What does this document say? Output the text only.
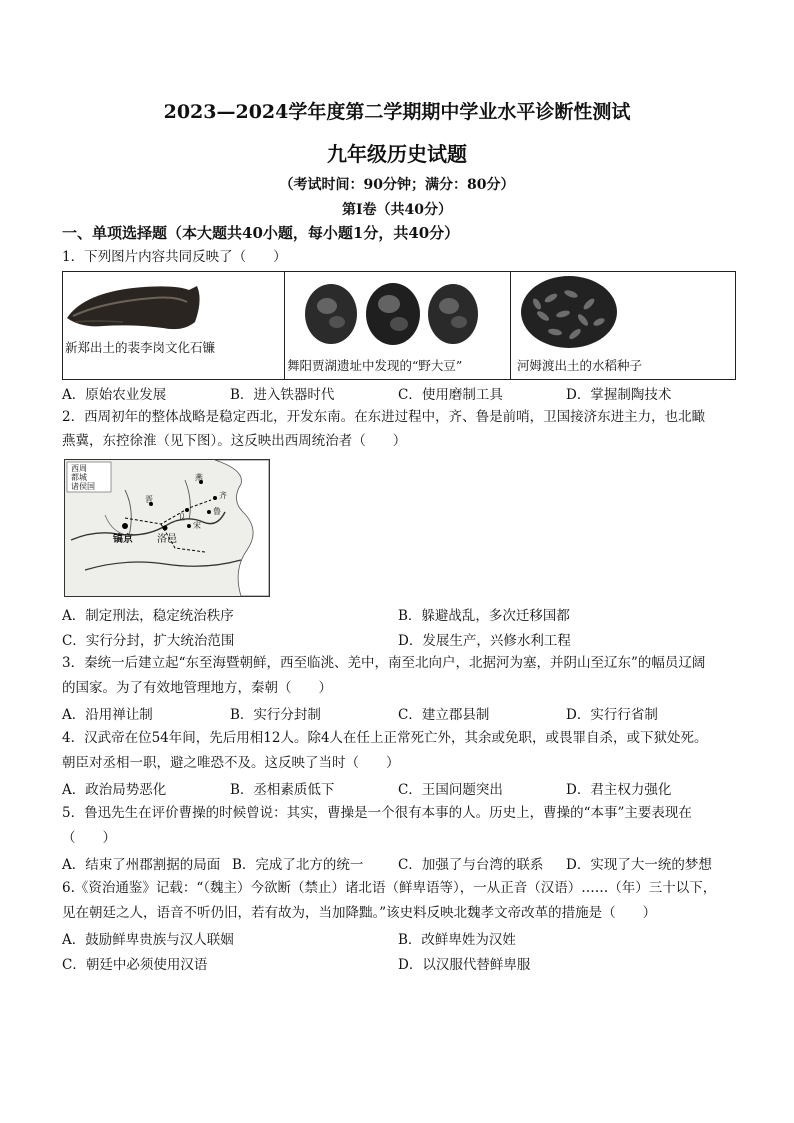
2023—2024学年度第二学期期中学业水平诊断性测试
九年级历史试题
（考试时间：90分钟；满分：80分）
第Ⅰ卷（共40分）
一、单项选择题（本大题共40小题，每小题1分，共40分）
1．下列图片内容共同反映了（　　）
新郑出土的裴李岗文化石镰
舞阳贾湖遗址中发现的“野大豆”	河姆渡出土的水稻种子
A．原始农业发展	B．进入铁器时代	C．使用磨制工具	D．掌握制陶技术
2．西周初年的整体战略是稳定西北，开发东南。在东进过程中，齐、鲁是前哨，卫国接济东进主力，也北瞰
燕冀，东控徐淮（见下图）。这反映出西周统治者（　　）
西周
都城
诸侯国
镐京 洛邑
燕
齐
鲁
卫
宋
晋
A．制定刑法，稳定统治秩序	B．躲避战乱，多次迁移国都
C．实行分封，扩大统治范围	D．发展生产，兴修水利工程
3．秦统一后建立起“东至海暨朝鲜，西至临洮、羌中，南至北向户，北据河为塞，并阴山至辽东”的幅员辽阔
的国家。为了有效地管理地方，秦朝（　　）
A．沿用禅让制	B．实行分封制	C．建立郡县制	D．实行行省制
4．汉武帝在位54年间，先后用相12人。除4人在任上正常死亡外，其余或免职，或畏罪自杀，或下狱处死。
朝臣对丞相一职，避之唯恐不及。这反映了当时（　　）
A．政治局势恶化	B．丞相素质低下	C．王国问题突出	D．君主权力强化
5．鲁迅先生在评价曹操的时候曾说：其实，曹操是一个很有本事的人。历史上，曹操的“本事”主要表现在
（　　）
A．结束了州郡割据的局面 B．完成了北方的统一	C．加强了与台湾的联系 D．实现了大一统的梦想
6.《资治通鉴》记载：“（魏主）今欲断（禁止）诸北语（鲜卑语等），一从正音（汉语）……（年）三十以下，
见在朝廷之人，语音不听仍旧，若有故为，当加降黜。”该史料反映北魏孝文帝改革的措施是（　　）
A．鼓励鲜卑贵族与汉人联姻	B．改鲜卑姓为汉姓
C．朝廷中必须使用汉语	D．以汉服代替鲜卑服
